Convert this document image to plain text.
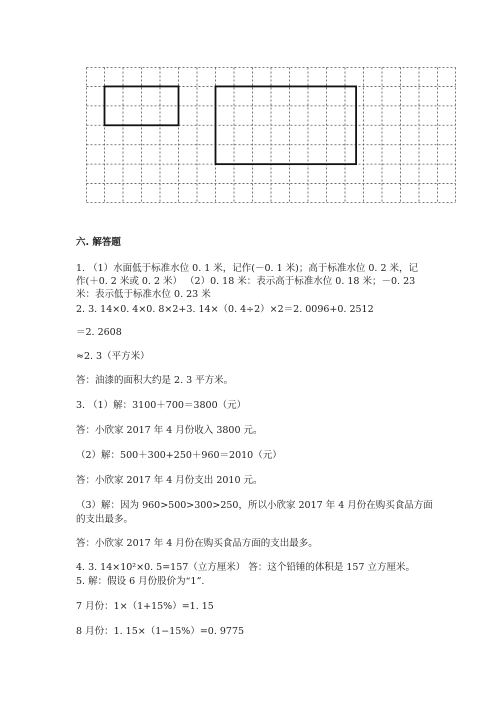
六. 解答题
1. （1）水面低于标准水位 0. 1 米，记作(－0. 1 米)；高于标准水位 0. 2 米，记
作(＋0. 2 米或 0. 2 米） （2）0. 18 米：表示高于标准水位 0. 18 米；－0. 23
米：表示低于标准水位 0. 23 米
2. 3. 14×0. 4×0. 8×2+3. 14×（0. 4÷2）×2＝2. 0096+0. 2512
＝2. 2608
≈2. 3（平方米）
答：油漆的面积大约是 2. 3 平方米。
3. （1）解：3100＋700＝3800（元）
答：小欣家 2017 年 4 月份收入 3800 元。
（2）解：500＋300+250＋960＝2010（元）
答：小欣家 2017 年 4 月份支出 2010 元。
（3）解：因为 960>500>300>250，所以小欣家 2017 年 4 月份在购买食品方面
的支出最多。
答：小欣家 2017 年 4 月份在购买食品方面的支出最多。
4. 3. 14×10²×0. 5=157（立方厘米） 答：这个铅锤的体积是 157 立方厘米。
5. 解：假设 6 月份股价为“1”.
7 月份：1×（1+15%）=1. 15
8 月份：1. 15×（1−15%）=0. 9775
